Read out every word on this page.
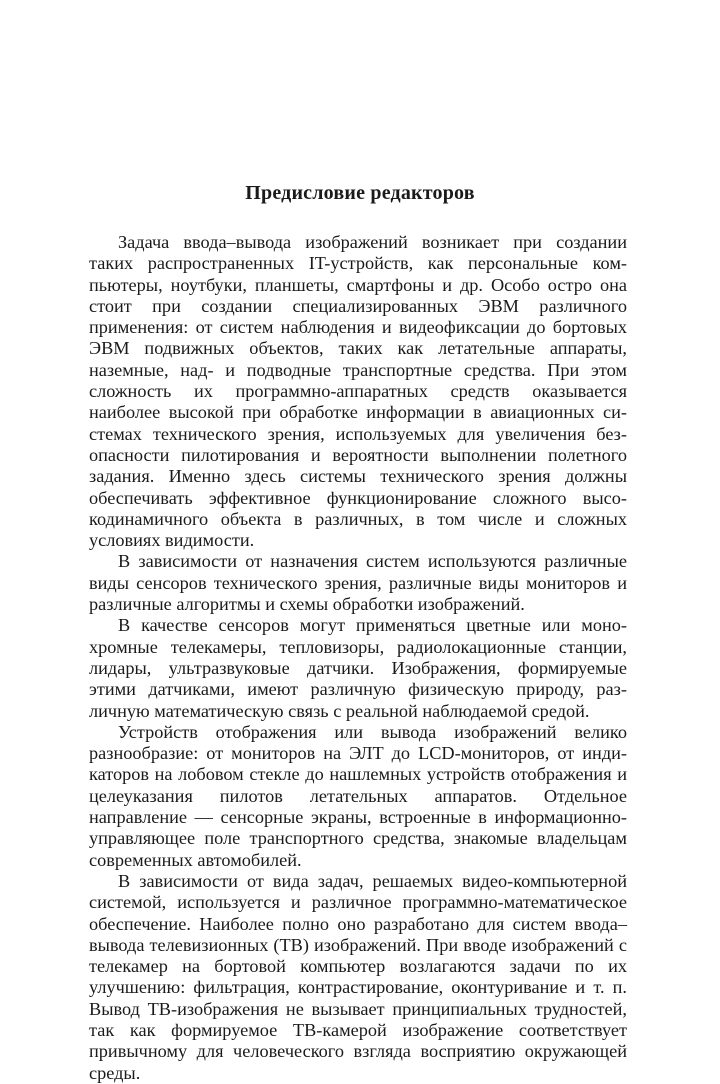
Предисловие редакторов

Задача ввода–вывода изображений возникает при создании таких распространенных IT-устройств, как персональные компьютеры, ноутбуки, планшеты, смартфоны и др. Особо остро она стоит при создании специализированных ЭВМ различного применения: от систем наблюдения и видеофиксации до бортовых ЭВМ подвижных объектов, таких как летательные аппараты, наземные, над- и подводные транспортные средства. При этом сложность их программно-аппаратных средств оказывается наиболее высокой при обработке информации в авиационных системах технического зрения, используемых для увеличения безопасности пилотирования и вероятности выполнении полетного задания. Именно здесь системы технического зрения должны обеспечивать эффективное функционирование сложного высокодинамичного объекта в различных, в том числе и сложных условиях видимости.

В зависимости от назначения систем используются различные виды сенсоров технического зрения, различные виды мониторов и различные алгоритмы и схемы обработки изображений.

В качестве сенсоров могут применяться цветные или монохромные телекамеры, тепловизоры, радиолокационные станции, лидары, ультразвуковые датчики. Изображения, формируемые этими датчиками, имеют различную физическую природу, различную математическую связь с реальной наблюдаемой средой.

Устройств отображения или вывода изображений велико разнообразие: от мониторов на ЭЛТ до LCD-мониторов, от индикаторов на лобовом стекле до нашлемных устройств отображения и целеуказания пилотов летательных аппаратов. Отдельное направление — сенсорные экраны, встроенные в информационно-управляющее поле транспортного средства, знакомые владельцам современных автомобилей.

В зависимости от вида задач, решаемых видео-компьютерной системой, используется и различное программно-математическое обеспечение. Наиболее полно оно разработано для систем ввода–вывода телевизионных (ТВ) изображений. При вводе изображений с телекамер на бортовой компьютер возлагаются задачи по их улучшению: фильтрация, контрастирование, оконтуривание и т. п. Вывод ТВ-изображения не вызывает принципиальных трудностей, так как формируемое ТВ-камерой изображение соответствует привычному для человеческого взгляда восприятию окружающей среды.
